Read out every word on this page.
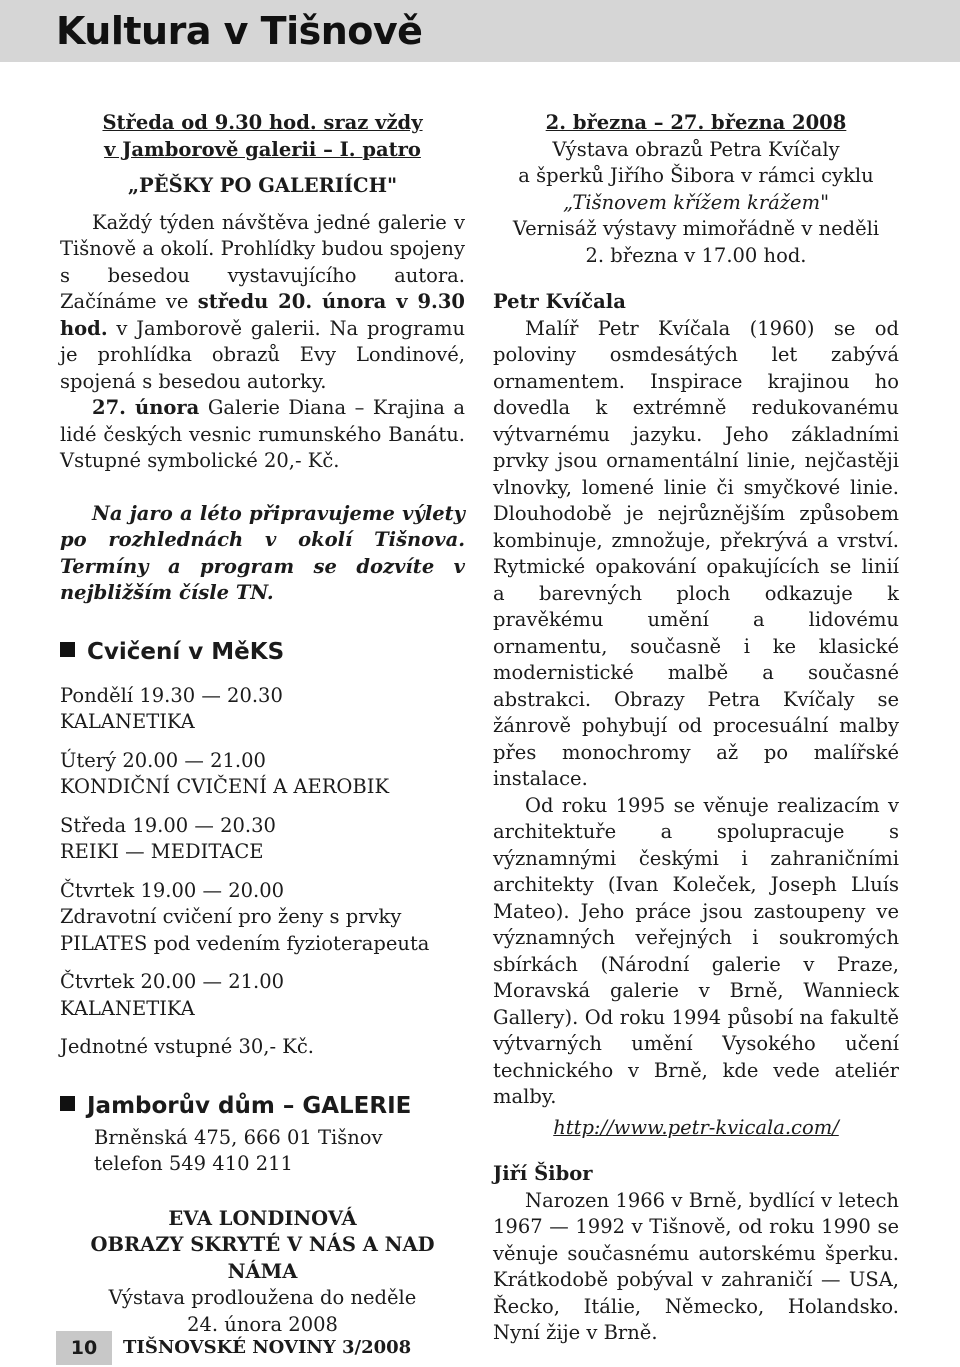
Kultura v Tišnově

Středa od 9.30 hod. sraz vždy

v Jamborově galerii – I. patro

„PĚŠKY PO GALERIÍCH"

Každý týden návštěva jedné galerie v Tišnově a okolí. Prohlídky budou spojeny s besedou vystavujícího autora. Začínáme ve středu 20. února v 9.30 hod. v Jamborově galerii. Na programu je prohlídka obrazů Evy Londinové, spojená s besedou autorky.

27. února Galerie Diana – Krajina a lidé českých vesnic rumunského Banátu. Vstupné symbolické 20,- Kč.

Na jaro a léto připravujeme výlety po rozhlednách v okolí Tišnova. Termíny a program se dozvíte v nejbližším čísle TN.

Cvičení v MěKS

Pondělí 19.30 — 20.30

KALANETIKA

Úterý 20.00 — 21.00

KONDIČNÍ CVIČENÍ A AEROBIK

Středa 19.00 — 20.30

REIKI — MEDITACE

Čtvrtek 19.00 — 20.00

Zdravotní cvičení pro ženy s prvky PILATES pod vedením fyzioterapeuta

Čtvrtek 20.00 — 21.00

KALANETIKA

Jednotné vstupné 30,- Kč.

Jamborův dům – GALERIE

Brněnská 475, 666 01 Tišnov

telefon 549 410 211

EVA LONDINOVÁ

OBRAZY SKRYTÉ V NÁS A NAD NÁMA

Výstava prodloužena do neděle

24. února 2008

2. března – 27. března 2008

Výstava obrazů Petra Kvíčaly

a šperků Jiřího Šibora v rámci cyklu

„Tišnovem křížem krážem"

Vernisáž výstavy mimořádně v neděli

2. března v 17.00 hod.

Petr Kvíčala

Malíř Petr Kvíčala (1960) se od poloviny osmdesátých let zabývá ornamentem. Inspirace krajinou ho dovedla k extrémně redukovanému výtvarnému jazyku. Jeho základními prvky jsou ornamentální linie, nejčastěji vlnovky, lomené linie či smyčkové linie. Dlouhodobě je nejrůznějším způsobem kombinuje, zmnožuje, překrývá a vrství. Rytmické opakování opakujících se linií a barevných ploch odkazuje k pravěkému umění a lidovému ornamentu, současně i ke klasické modernistické malbě a současné abstrakci. Obrazy Petra Kvíčaly se žánrově pohybují od procesuální malby přes monochromy až po malířské instalace.

Od roku 1995 se věnuje realizacím v architektuře a spolupracuje s významnými českými i zahraničními architekty (Ivan Koleček, Joseph Lluís Mateo). Jeho práce jsou zastoupeny ve významných veřejných i soukromých sbírkách (Národní galerie v Praze, Moravská galerie v Brně, Wannieck Gallery). Od roku 1994 působí na fakultě výtvarných umění Vysokého učení technického v Brně, kde vede ateliér malby.

http://www.petr-kvicala.com/

Jiří Šibor

Narozen 1966 v Brně, bydlící v letech 1967 — 1992 v Tišnově, od roku 1990 se věnuje současnému autorskému šperku. Krátkodobě pobýval v zahraničí — USA, Řecko, Itálie, Německo, Holandsko. Nyní žije v Brně.

10	TIŠNOVSKÉ NOVINY 3/2008
